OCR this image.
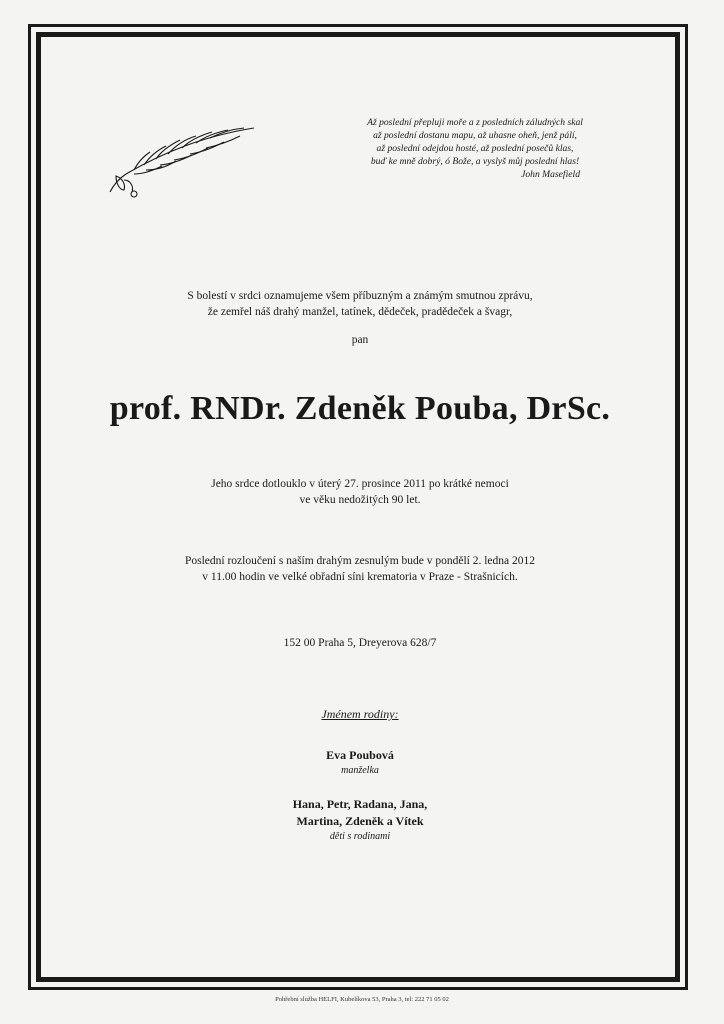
Až poslední přepluji moře a z posledních záludných skal
až poslední dostanu mapu, až uhasne oheň, jenž pálí,
až poslední odejdou hosté, až poslední posečů klas,
buď ke mně dobrý, ó Bože, a vyslyš můj poslední hlas!
John Masefield
S bolestí v srdci oznamujeme všem příbuzným a známým smutnou zprávu,
že zemřel náš drahý manžel, tatínek, dědeček, pradědeček a švagr,
pan
prof. RNDr. Zdeněk Pouba, DrSc.
Jeho srdce dotlouklo v úterý 27. prosince 2011 po krátké nemoci
ve věku nedožitých 90 let.
Poslední rozloučení s naším drahým zesnulým bude v pondělí 2. ledna 2012
v 11.00 hodin ve velké obřadní síni krematoria v Praze - Strašnicích.
152 00 Praha 5, Dreyerova 628/7
Jménem rodiny:
Eva Poubová
manželka
Hana, Petr, Radana, Jana,
Martina, Zdeněk a Vítek
děti s rodinami
Pohřební služba HELFI, Kubelíkova 53, Praha 3, tel: 222 71 05 02
